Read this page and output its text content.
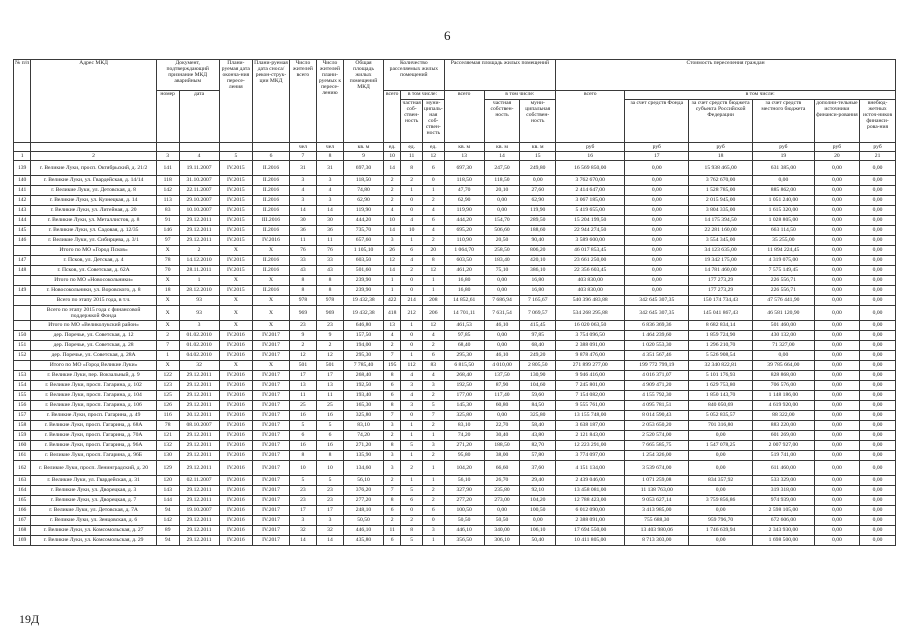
6
№ п/п	Адрес МКД	Документ, подтверждающий признание МКД аварийным		Плани-руемая дата оконча-ния пересе-ления	Плани-руемая дата сноса/ рекон-струк-ции МКД	Число жителей всего	Число жителей плани-руемых к пересе-лению	Общая площадь жилых помещений МКД	Количество расселяемых жилых помещений			Расселяемая площадь жилых помещений			Стоимость переселения граждан					
		номер	дата						всего	в том числе:		всего	в том числе:		всего	в том числе:				
										частная соб-ствен-ность	муни-ципаль-ная соб-ствен-ность		частная собствен-ность	муни-ципальная собствен-ность		за счет средств Фонда	за счет средств бюджета субъекта Российской Федерации	за счет средств местного бюджета	дополни-тельные источники финанси-рования	внебюд-жетных источ-ников финанси-рова-ния
						чел	чел	кв. м	ед.	ед.	ед.	кв. м	кв. м	кв. м	руб	руб	руб	руб	руб	руб
1	2	3	4	5	6	7	8	9	10	11	12	13	14	15	16	17	18	19	20	21
139	г. Великие Луки, просп. Октябрьский, д. 21/2	141	19.11.2007	IV.2015	II.2016	31	31	697,30	14	8	6	697,30	247,50	249,80	16 569 850,00	0,00	15 938 465,00	631 385,00	0,00	0,00
140	г. Великие Луки, ул. Гвардейская, д. 14/14	118	31.10.2007	IV.2015	II.2016	3	3	118,50	2	2	0	118,50	118,50	0,00	3 762 670,00	0,00	3 762 670,00	0,00	0,00	0,00
141	г. Великие Луки, ул. Детовская, д. 8	142	22.11.2007	IV.2015	II.2016	4	4	74,80	2	1	1	47,70	20,10	27,60	2 414 647,00	0,00	1 528 785,00	885 862,00	0,00	0,00
142	г. Великие Луки, ул. Кузнецкая, д. 14	113	29.10.2007	IV.2015	II.2016	3	3	62,90	2	0	2	62,90	0,00	62,90	3 067 185,00	0,00	2 015 945,00	1 051 240,00	0,00	0,00
143	г. Великие Луки, ул. Литейная, д. 20	83	10.10.2007	IV.2015	II.2016	14	14	119,90	4	0	4	119,90	0,00	119,90	5 419 655,00	0,00	3 804 335,00	1 615 320,00	0,00	0,00
144	г. Великие Луки, ул. Металлистов, д. 8	91	29.12.2011	IV.2015	III.2016	30	30	444,20	10	4	6	444,20	154,70	289,50	15 204 199,50	0,00	14 175 394,50	1 028 805,00	0,00	0,00
145	г. Великие Луки, ул. Садовая, д. 12/35	146	29.12.2011	IV.2015	II.2016	36	36	735,70	14	10	4	695,20	506,60	188,60	22 944 274,50	0,00	22 281 160,00	663 114,50	0,00	0,00
146	г. Великие Луки, ул. Сибирцева, д. 3/1	97	29.12.2011	IV.2015	IV.2016	11	11	657,60	3	1	2	110,90	20,50	90,40	3 589 600,00	0,00	3 554 345,00	35 255,00	0,00	0,00
	Итого по МО «Город Псков»	X	2	X	X	76	76	1 105,10	26	6	20	1 064,70	258,50	806,20	46 017 853,45	0,00	34 123 635,00	11 894 224,45	0,00	0,00
147	г. Псков, ул. Детская, д. 4	78	14.12.2010	IV.2015	II.2016	33	33	603,50	12	4	8	603,50	183,40	420,10	23 661 250,00	0,00	19 342 175,00	4 319 075,00	0,00	0,00
148	г. Псков, ул. Советская, д. 62А	70	28.11.2011	IV.2015	II.2016	43	43	501,60	14	2	12	461,20	75,10	386,10	22 356 603,45	0,00	14 781 460,00	7 575 149,45	0,00	0,00
	Итого по МО «Новосокольники»	X	1	X	X	8	8	239,90	1	0	1	16,80	0,00	16,80	403 830,00	0,00	177 273,29	226 556,71	0,00	0,00
149	г. Новосокольники, ул. Воровского, д. 8	18	28.12.2010	IV.2015	II.2016	8	8	239,90	1	0	1	16,80	0,00	16,80	403 830,00	0,00	177 273,29	226 556,71	0,00	0,00
	Всего по этапу 2015 года, в т.ч.	X	93	X	X	978	978	19 432,38	422	214	208	14 852,61	7 686,94	7 165,67	540 396 483,88	342 645 307,35	150 174 734,43	47 576 441,90	0,00	0,00
	Всего по этапу 2015 года с финансовой поддержкой Фонда	X	93	X	X	969	969	19 432,38	418	212	206	14 701,11	7 631,54	7 069,57	534 268 295,88	342 645 307,35	145 041 867,43	46 581 120,90	0,00	0,00
	Итого по МО «Великолукский район»	X	3	X	X	23	23	646,80	13	1	12	461,53	46,10	415,45	16 020 063,50	6 836 369,36	8 682 834,14	501 460,00	0,00	0,00
150	дер. Поречье, ул. Советская, д. 12	2	01.02.2010	IV.2016	IV.2017	9	9	157,50	4	0	4	97,85	0,00	97,85	3 754 096,50	1 464 239,60	1 859 724,90	430 132,00	0,00	0,00
151	дер. Поречье, ул. Советская, д. 28	7	01.02.2010	IV.2016	IV.2017	2	2	194,00	2	0	2	68,40	0,00	68,40	2 388 091,00	1 020 553,30	1 296 210,70	71 327,00	0,00	0,00
152	дер. Поречье, ул. Советская, д. 28А	1	04.02.2010	IV.2016	IV.2017	12	12	295,30	7	1	6	295,30	46,10	249,20	9 878 476,00	4 351 567,46	5 526 908,54	0,00	0,00	0,00
	Итого по МО «Город Великие Луки»	X	32	X	X	501	501	7 785,40	195	112	83	6 815,50	4 010,00	2 805,50	271 899 277,00	199 772 799,19	32 340 822,81	39 785 664,00	0,00	0,00
153	г. Великие Луки, пер. Вокзальный, д. 9	122	29.12.2011	IV.2016	IV.2017	17	17	268,40	8	4	4	268,40	137,50	130,90	9 946 416,00	4 016 371,07	5 101 176,93	828 868,00	0,00	0,00
154	г. Великие Луки, просп. Гагарина, д. 102	123	29.12.2011	IV.2016	IV.2017	13	13	192,50	6	3	3	192,50	87,90	104,60	7 245 801,00	4 909 471,20	1 629 753,80	706 576,00	0,00	0,00
155	г. Великие Луки, просп. Гагарина, д. 104	125	29.12.2011	IV.2016	IV.2017	11	11	193,40	6	4	2	177,00	117,40	59,60	7 154 082,00	4 155 792,30	1 850 143,70	1 148 186,00	0,00	0,00
156	г. Великие Луки, просп. Гагарина, д. 106	126	29.12.2011	IV.2016	IV.2017	25	25	165,30	8	3	5	145,30	60,80	84,50	9 555 761,00	4 095 781,51	840 050,69	4 619 920,00	0,00	0,00
157	г. Великие Луки, просп. Гагарина, д. 49	116	20.12.2011	IV.2016	IV.2017	16	16	325,80	7	0	7	325,80	0,00	325,80	13 155 748,00	8 014 590,43	5 052 835,57	88 322,00	0,00	0,00
158	г. Великие Луки, просп. Гагарина, д. 68А	78	08.10.2007	IV.2016	IV.2017	5	5	83,10	3	1	2	83,10	22,70	58,40	3 638 187,00	2 053 650,20	701 316,80	883 220,00	0,00	0,00
159	г. Великие Луки, просп. Гагарина, д. 70А	121	29.12.2011	IV.2016	IV.2017	6	6	74,20	2	1	1	74,20	30,40	43,80	2 121 843,00	2 520 574,00	0,00	601 269,00	0,00	0,00
160	г. Великие Луки, просп. Гагарина, д. 96А	132	29.12.2011	IV.2016	IV.2017	16	16	271,20	8	5	3	271,20	188,50	82,70	12 223 291,00	7 665 585,75	1 547 078,25	2 007 927,00	0,00	0,00
161	г. Великие Луки, просп. Гагарина, д. 96Б	130	29.12.2011	IV.2016	IV.2017	8	8	135,90	3	1	2	95,80	38,00	57,80	3 774 097,00	1 254 326,00	0,00	519 741,00	0,00	0,00
162	г. Великие Луки, просп. Ленинградский, д. 20	129	29.12.2011	IV.2016	IV.2017	10	10	134,60	3	2	1	104,20	66,60	37,60	4 151 134,00	3 539 674,00	0,00	611 460,00	0,00	0,00
163	г. Великие Луки, ул. Гвардейская, д. 31	120	02.11.2007	IV.2016	IV.2017	5	5	56,10	2	1	1	56,10	26,70	29,40	2 439 046,00	1 071 259,08	834 357,92	533 329,00	0,00	0,00
164	г. Великие Луки, ул. Дворецкая, д. 3	143	29.12.2011	IV.2016	IV.2017	23	23	376,20	7	5	2	327,90	235,80	92,10	13 458 081,00	11 138 763,00	0,00	319 318,00	0,00	0,00
165	г. Великие Луки, ул. Дворецкая, д. 7	144	29.12.2011	IV.2016	IV.2017	23	23	277,20	8	6	2	277,20	273,00	104,20	12 788 423,00	9 053 627,14	3 759 856,86	974 939,00	0,00	0,00
166	г. Великие Луки, ул. Детовская, д. 7А	94	19.10.2007	IV.2016	IV.2017	17	17	248,10	6	0	6	100,50	0,00	100,50	6 012 090,00	3 413 985,00	0,00	2 598 105,00	0,00	0,00
167	г. Великие Луки, ул. Зенцовская, д. 6	142	29.12.2011	IV.2016	IV.2017	3	3	50,50	2	2	0	50,50	50,50	0,00	2 388 091,00	755 688,30	959 796,70	672 606,00	0,00	0,00
168	г. Великие Луки, ул. Комсомольская, д. 27	89	29.12.2011	IV.2016	IV.2017	32	32	446,10	11	8	3	446,10	340,00	106,10	17 694 550,00	13 403 980,06	1 746 639,94	2 343 930,00	0,00	0,00
169	г. Великие Луки, ул. Комсомольская, д. 29	94	29.12.2011	IV.2016	IV.2017	14	14	435,80	6	5	1	356,50	306,10	50,40	10 411 805,00	8 713 303,00	0,00	1 698 500,00	0,00	0,00
19Д
